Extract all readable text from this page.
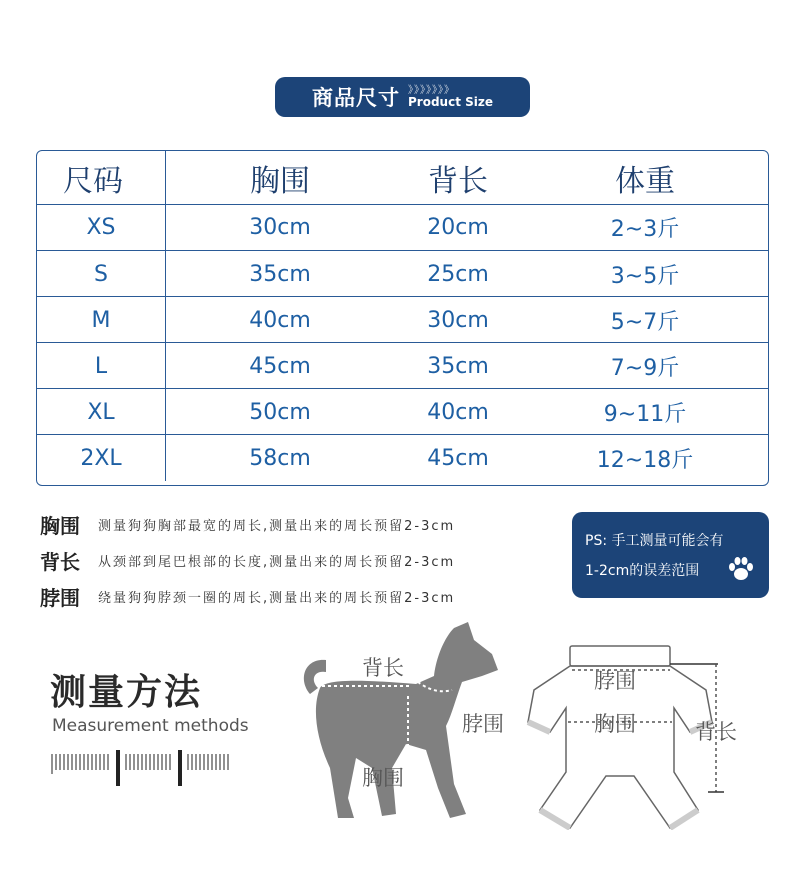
商品尺寸 》》》》》》》
Product Size
尺码	胸围	背长	体重
XS	30cm	20cm	2~3斤
S	35cm	25cm	3~5斤
M	40cm	30cm	5~7斤
L	45cm	35cm	7~9斤
XL	50cm	40cm	9~11斤
2XL	58cm	45cm	12~18斤
胸围	测量狗狗胸部最宽的周长,测量出来的周长预留2-3cm
背长	从颈部到尾巴根部的长度,测量出来的周长预留2-3cm
脖围	绕量狗狗脖颈一圈的周长,测量出来的周长预留2-3cm
PS: 手工测量可能会有
1-2cm的误差范围
测量方法
Measurement methods
背长
脖围
胸围
脖围
胸围	背长
